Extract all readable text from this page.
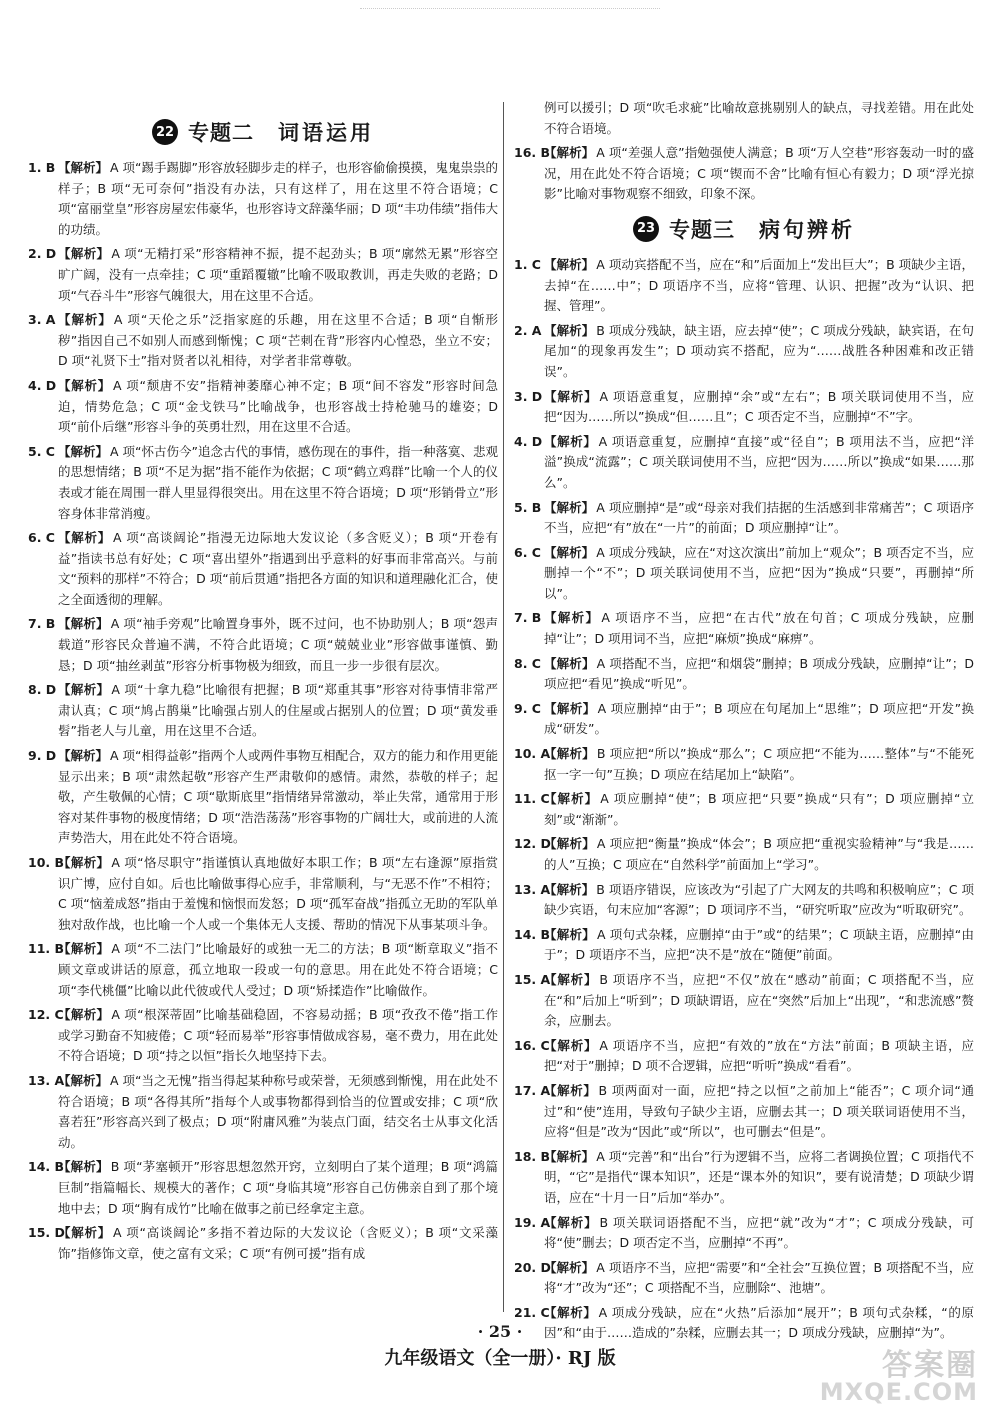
22 专题二 词语运用
1. B 【解析】 A 项“踢手踢脚”形容放轻脚步走的样子，也形容偷偷摸摸，鬼鬼祟祟的样子；B 项“无可奈何”指没有办法，只有这样了，用在这里不符合语境；C 项“富丽堂皇”形容房屋宏伟豪华，也形容诗文辞藻华丽；D 项“丰功伟绩”指伟大的功绩。
2. D 【解析】 A 项“无精打采”形容精神不振，提不起劲头；B 项“廓然无累”形容空旷广阔，没有一点牵挂；C 项“重蹈覆辙”比喻不吸取教训，再走失败的老路；D 项“气吞斗牛”形容气魄很大，用在这里不合适。
3. A 【解析】 A 项“天伦之乐”泛指家庭的乐趣，用在这里不合适；B 项“自惭形秽”指因自己不如别人而感到惭愧；C 项“芒刺在背”形容内心惶恐，坐立不安；D 项“礼贤下士”指对贤者以礼相待，对学者非常尊敬。
4. D 【解析】 A 项“颓唐不安”指精神萎靡心神不定；B 项“间不容发”形容时间急迫，情势危急；C 项“金戈铁马”比喻战争，也形容战士持枪驰马的雄姿；D 项“前仆后继”形容斗争的英勇壮烈，用在这里不合适。
5. C 【解析】 A 项“怀古伤今”追念古代的事情，感伤现在的事件，指一种落寞、悲观的思想情绪；B 项“不足为据”指不能作为依据；C 项“鹤立鸡群”比喻一个人的仪表或才能在周围一群人里显得很突出。用在这里不符合语境；D 项“形销骨立”形容身体非常消瘦。
6. C 【解析】 A 项“高谈阔论”指漫无边际地大发议论（多含贬义）；B 项“开卷有益”指读书总有好处；C 项“喜出望外”指遇到出乎意料的好事而非常高兴。与前文“预料的那样”不符合；D 项“前后贯通”指把各方面的知识和道理融化汇合，使之全面透彻的理解。
7. B 【解析】 A 项“袖手旁观”比喻置身事外，既不过问，也不协助别人；B 项“怨声载道”形容民众普遍不满，不符合此语境；C 项“兢兢业业”形容做事谨慎、勤恳；D 项“抽丝剥茧”形容分析事物极为细致，而且一步一步很有层次。
8. D 【解析】 A 项“十拿九稳”比喻很有把握；B 项“郑重其事”形容对待事情非常严肃认真；C 项“鸠占鹊巢”比喻强占别人的住屋或占据别人的位置；D 项“黄发垂髫”指老人与儿童，用在这里不合适。
9. D 【解析】 A 项“相得益彰”指两个人或两件事物互相配合，双方的能力和作用更能显示出来；B 项“肃然起敬”形容产生严肃敬仰的感情。肃然，恭敬的样子；起敬，产生敬佩的心情；C 项“歇斯底里”指情绪异常激动，举止失常，通常用于形容对某件事物的极度情绪；D 项“浩浩荡荡”形容事物的广阔壮大，或前进的人流声势浩大，用在此处不符合语境。
10. B
【解析】 A 项“恪尽职守”指谨慎认真地做好本职工作；B 项“左右逢源”原指赏识广博，应付自如。后也比喻做事得心应手，非常顺利，与“无恶不作”不相符；C 项“恼羞成怒”指由于羞愧和恼恨而发怒；D 项“孤军奋战”指孤立无助的军队单独对敌作战，也比喻一个人或一个集体无人支援、帮助的情况下从事某项斗争。
11. B
【解析】 A 项“不二法门”比喻最好的或独一无二的方法；B 项“断章取义”指不顾文章或讲话的原意，孤立地取一段或一句的意思。用在此处不符合语境；C 项“李代桃僵”比喻以此代彼或代人受过；D 项“矫揉造作”比喻做作。
12. C
【解析】 A 项“根深蒂固”比喻基础稳固，不容易动摇；B 项“孜孜不倦”指工作或学习勤奋不知疲倦；C 项“轻而易举”形容事情做成容易，毫不费力，用在此处不符合语境；D 项“持之以恒”指长久地坚持下去。
13. A
【解析】 A 项“当之无愧”指当得起某种称号或荣誉，无须感到惭愧，用在此处不符合语境；B 项“各得其所”指每个人或事物都得到恰当的位置或安排；C 项“欣喜若狂”形容高兴到了极点；D 项“附庸风雅”为装点门面，结交名士从事文化活动。
14. B
【解析】 B 项“茅塞顿开”形容思想忽然开窍，立刻明白了某个道理；B 项“鸿篇巨制”指篇幅长、规模大的著作；C 项“身临其境”形容自己仿佛亲自到了那个境地中去；D 项“胸有成竹”比喻在做事之前已经拿定主意。
15. D
【解析】 A 项“高谈阔论”多指不着边际的大发议论（含贬义）；B 项“文采藻饰”指修饰文章，使之富有文采；C 项“有例可援”指有成
例可以援引；D 项“吹毛求疵”比喻故意挑剔别人的缺点，寻找差错。用在此处不符合语境。
16. B
【解析】 A 项“差强人意”指勉强使人满意；B 项“万人空巷”形容轰动一时的盛况，用在此处不符合语境；C 项“锲而不舍”比喻有恒心有毅力；D 项“浮光掠影”比喻对事物观察不细致，印象不深。
23 专题三 病句辨析
1. C 【解析】 A 项动宾搭配不当，应在“和”后面加上“发出巨大”；B 项缺少主语，去掉“在……中”；D 项语序不当，应将“管理、认识、把握”改为“认识、把握、管理”。
2. A 【解析】 B 项成分残缺，缺主语，应去掉“使”；C 项成分残缺，缺宾语，在句尾加“的现象再发生”；D 项动宾不搭配，应为“……战胜各种困难和改正错误”。
3. D 【解析】 A 项语意重复，应删掉“余”或“左右”；B 项关联词使用不当，应把“因为……所以”换成“但……且”；C 项否定不当，应删掉“不”字。
4. D 【解析】 A 项语意重复，应删掉“直接”或“径自”；B 项用法不当，应把“洋溢”换成“流露”；C 项关联词使用不当，应把“因为……所以”换成“如果……那么”。
5. B 【解析】 A 项应删掉“是”或“母亲对我们拮据的生活感到非常痛苦”；C 项语序不当，应把“有”放在“一片”的前面；D 项应删掉“让”。
6. C 【解析】 A 项成分残缺，应在“对这次演出”前加上“观众”；B 项否定不当，应删掉一个“不”；D 项关联词使用不当，应把“因为”换成“只要”，再删掉“所以”。
7. B 【解析】 A 项语序不当，应把“在古代”放在句首；C 项成分残缺，应删掉“让”；D 项用词不当，应把“麻烦”换成“麻痹”。
8. C 【解析】 A 项搭配不当，应把“和烟袋”删掉；B 项成分残缺，应删掉“让”；D 项应把“看见”换成“听见”。
9. C 【解析】 A 项应删掉“由于”；B 项应在句尾加上“思维”；D 项应把“开发”换成“研发”。
10. A
【解析】 B 项应把“所以”换成“那么”；C 项应把“不能为……整体”与“不能死抠一字一句”互换；D 项应在结尾加上“缺陷”。
11. C
【解析】 A 项应删掉“使”；B 项应把“只要”换成“只有”；D 项应删掉“立刻”或“渐渐”。
12. D
【解析】 A 项应把“衡量”换成“体会”；B 项应把“重视实验精神”与“我是……的人”互换；C 项应在“自然科学”前面加上“学习”。
13. A
【解析】 B 项语序错误，应该改为“引起了广大网友的共鸣和积极响应”；C 项缺少宾语，句末应加“客源”；D 项词序不当，“研究听取”应改为“听取研究”。
14. B
【解析】 A 项句式杂糅，应删掉“由于”或“的结果”；C 项缺主语，应删掉“由于”；D 项语序不当，应把“决不是”放在“随便”前面。
15. A
【解析】 B 项语序不当，应把“不仅”放在“感动”前面；C 项搭配不当，应在“和”后加上“听到”；D 项缺谓语，应在“突然”后加上“出现”，“和悲流感”赘余，应删去。
16. C
【解析】 A 项语序不当，应把“有效的”放在“方法”前面；B 项缺主语，应把“对于”删掉；D 项不合逻辑，应把“听听”换成“看看”。
17. A
【解析】 B 项两面对一面，应把“持之以恒”之前加上“能否”；C 项介词“通过”和“使”连用，导致句子缺少主语，应删去其一；D 项关联词语使用不当，应将“但是”改为“因此”或“所以”，也可删去“但是”。
18. B
【解析】 A 项“完善”和“出台”行为逻辑不当，应将二者调换位置；C 项指代不明，“它”是指代“课本知识”，还是“课本外的知识”，要有说清楚；D 项缺少谓语，应在“十月一日”后加“举办”。
19. A
【解析】 B 项关联词语搭配不当，应把“就”改为“才”；C 项成分残缺，可将“使”删去；D 项否定不当，应删掉“不再”。
20. D
【解析】 A 项语序不当，应把“需要”和“全社会”互换位置；B 项搭配不当，应将“才”改为“还”；C 项搭配不当，应删除“、池塘”。
21. C
【解析】 A 项成分残缺，应在“火热”后添加“展开”；B 项句式杂糅，“的原因”和“由于……造成的”杂糅，应删去其一；D 项成分残缺，应删掉“为”。
· 25 ·
九年级语文（全一册）· RJ 版	答案圈
MXQE.COM
